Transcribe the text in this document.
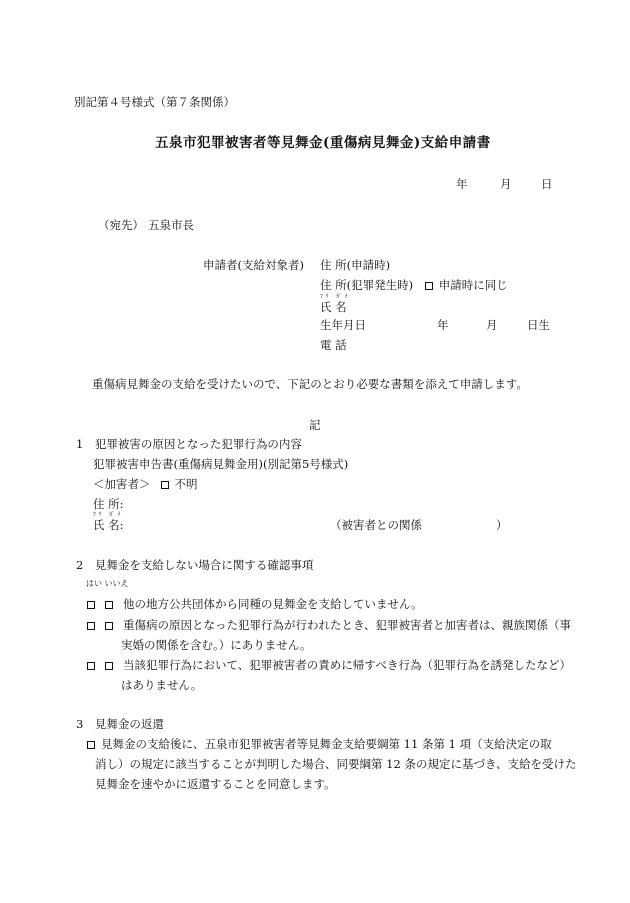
別記第４号様式（第７条関係）
五泉市犯罪被害者等見舞金(重傷病見舞金)支給申請書
年	月	日
（宛先） 五泉市長
申請者(支給対象者) 住 所(申請時)
住 所(犯罪発生時) 申請時に同じ
ﾌﾘ ｶﾞﾅ
氏 名
生年月日	年	月	日生
電 話
重傷病見舞金の支給を受けたいので、下記のとおり必要な書類を添えて申請します。
記
1　犯罪被害の原因となった犯罪行為の内容
犯罪被害申告書(重傷病見舞金用)(別記第5号様式)
＜加害者＞ 不明
住 所:
ﾌﾘ ｶﾞﾅ
氏 名:	（被害者との関係	）
2　見舞金を支給しない場合に関する確認事項
はい いいえ
他の地方公共団体から同種の見舞金を支給していません。
重傷病の原因となった犯罪行為が行われたとき、犯罪被害者と加害者は、親族関係（事
実婚の関係を含む。）にありません。
当該犯罪行為において、犯罪被害者の責めに帰すべき行為（犯罪行為を誘発したなど）
はありません。
3　見舞金の返還
見舞金の支給後に、五泉市犯罪被害者等見舞金支給要綱第 11 条第 1 項（支給決定の取
消し）の規定に該当することが判明した場合、同要綱第 12 条の規定に基づき、支給を受けた
見舞金を速やかに返還することを同意します。
